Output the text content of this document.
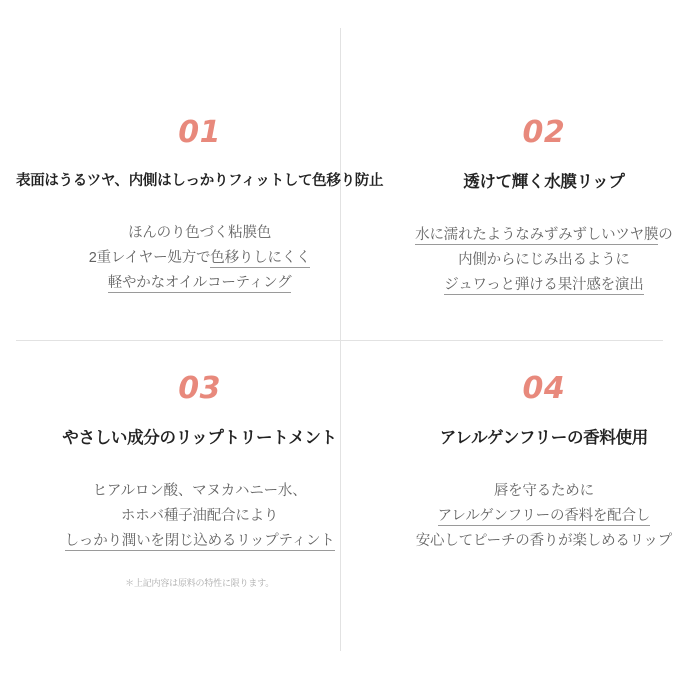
01
表面はうるツヤ、内側はしっかりフィットして色移り防止
ほんのり色づく粘膜色
2重レイヤー処方で色移りしにくく
軽やかなオイルコーティング
02
透けて輝く水膜リップ
水に濡れたようなみずみずしいツヤ膜の
内側からにじみ出るように
ジュワっと弾ける果汁感を演出
03
やさしい成分のリップトリートメント
ヒアルロン酸、マヌカハニー水、
ホホバ種子油配合により
しっかり潤いを閉じ込めるリップティント
＊上記内容は原料の特性に限ります。
04
アレルゲンフリーの香料使用
唇を守るために
アレルゲンフリーの香料を配合し
安心してピーチの香りが楽しめるリップ
